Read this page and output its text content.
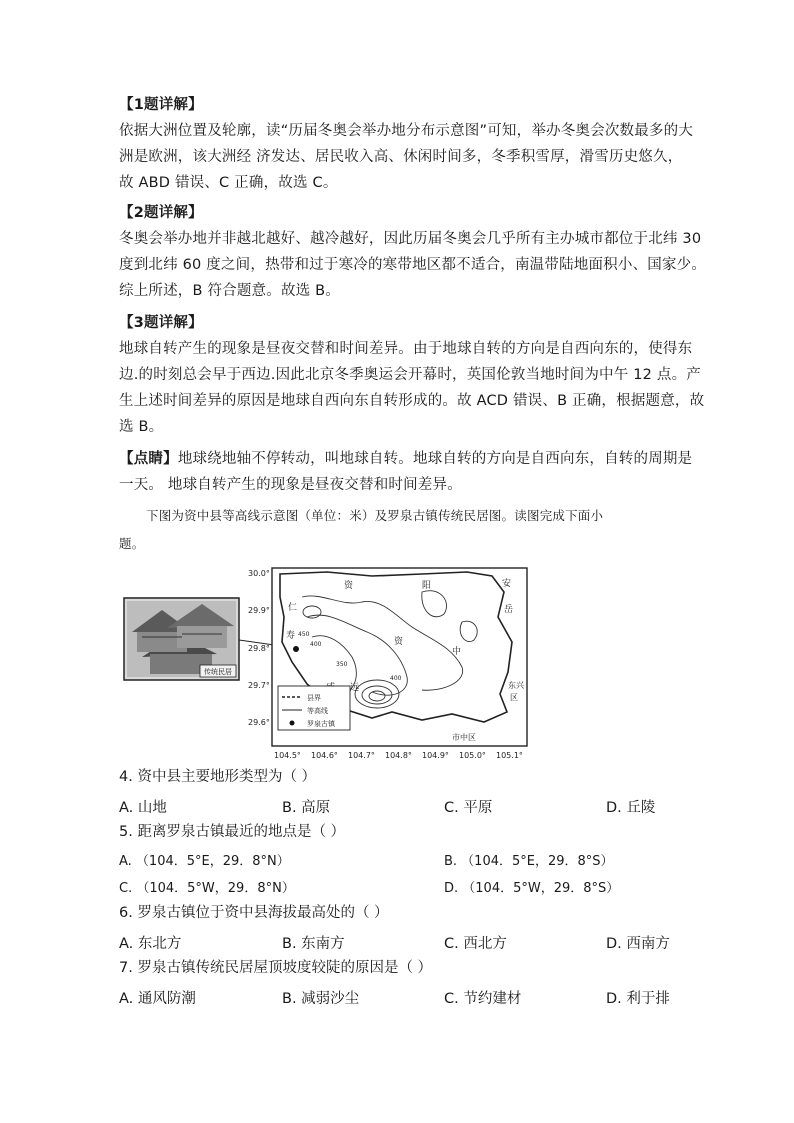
【1题详解】
依据大洲位置及轮廓，读“历届冬奥会举办地分布示意图”可知，举办冬奥会次数最多的大
洲是欧洲，该大洲经 济发达、居民收入高、休闲时间多，冬季积雪厚，滑雪历史悠久，
故 ABD 错误、C 正确，故选 C。
【2题详解】
冬奥会举办地并非越北越好、越冷越好，因此历届冬奥会几乎所有主办城市都位于北纬 30
度到北纬 60 度之间，热带和过于寒冷的寒带地区都不适合，南温带陆地面积小、国家少。
综上所述，B 符合题意。故选 B。
【3题详解】
地球自转产生的现象是昼夜交替和时间差异。由于地球自转的方向是自西向东的，使得东
边.的时刻总会早于西边.因此北京冬季奥运会开幕时，英国伦敦当地时间为中午 12 点。产
生上述时间差异的原因是地球自西向东自转形成的。故 ACD 错误、B 正确，根据题意，故
选 B。
【点睛】地球绕地轴不停转动，叫地球自转。地球自转的方向是自西向东，自转的周期是
一天。 地球自转产生的现象是昼夜交替和时间差异。
下图为资中县等高线示意图（单位：米）及罗泉古镇传统民居图。读图完成下面小
题。
传统民居
450
400
350
400
资	阳	安
岳
仁
寿
资
中
远	东兴
区
市中区
县界
等高线
罗泉古镇
30.0°
29.9°
29.8°
29.7°
29.6°
104.5° 104.6° 104.7° 104.8° 104.9° 105.0° 105.1°
4. 资中县主要地形类型为（ ）
A. 山地	B. 高原	C. 平原	D. 丘陵
5. 距离罗泉古镇最近的地点是（ ）
A. （104．5°E，29．8°N）	B. （104．5°E，29．8°S）
C. （104．5°W，29．8°N）	D. （104．5°W，29．8°S）
6. 罗泉古镇位于资中县海拔最高处的（ ）
A. 东北方	B. 东南方	C. 西北方	D. 西南方
7. 罗泉古镇传统民居屋顶坡度较陡的原因是（ ）
A. 通风防潮	B. 减弱沙尘	C. 节约建材	D. 利于排
